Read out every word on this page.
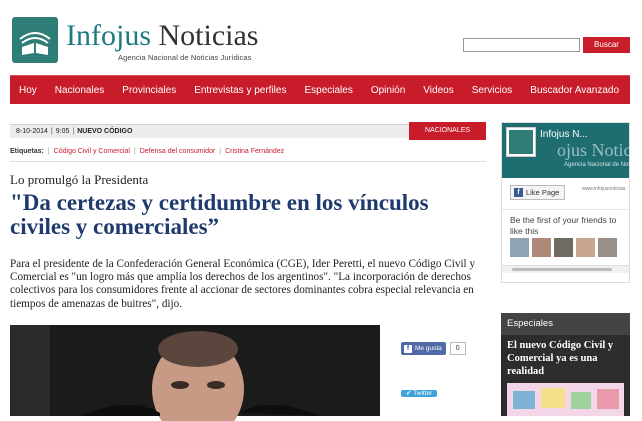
Infojus Noticias
Agencia Nacional de Noticias Jurídicas
Buscar
Hoy	Nacionales	Provinciales	Entrevistas y perfiles	Especiales	Opinión	Videos	Servicios	Buscador Avanzado
8-10-2014 | 9:05 | NUEVO CÓDIGO	NACIONALES
Etiquetas: | Código Civil y Comercial | Defensa del consumidor | Cristina Fernández
Lo promulgó la Presidenta
"Da certezas y certidumbre en los vínculos civiles y comerciales”

Para el presidente de la Confederación General Económica (CGE), Ider Peretti, el nuevo Código Civil y Comercial es "un logro más que amplía los derechos de los argentinos". "La incorporación de derechos colectivos para los consumidores frente al accionar de sectores dominantes cobra especial relevancia en tiempos de amenazas de buitres", dijo.

f Me gusta	0
✔ Twitter
Infojus N...
ojus Notic
Agencia Nacional de Noticias
f Like Page	www.infojusnoticias
Be the first of your friends to like this
Especiales
El nuevo Código Civil y Comercial ya es una realidad
